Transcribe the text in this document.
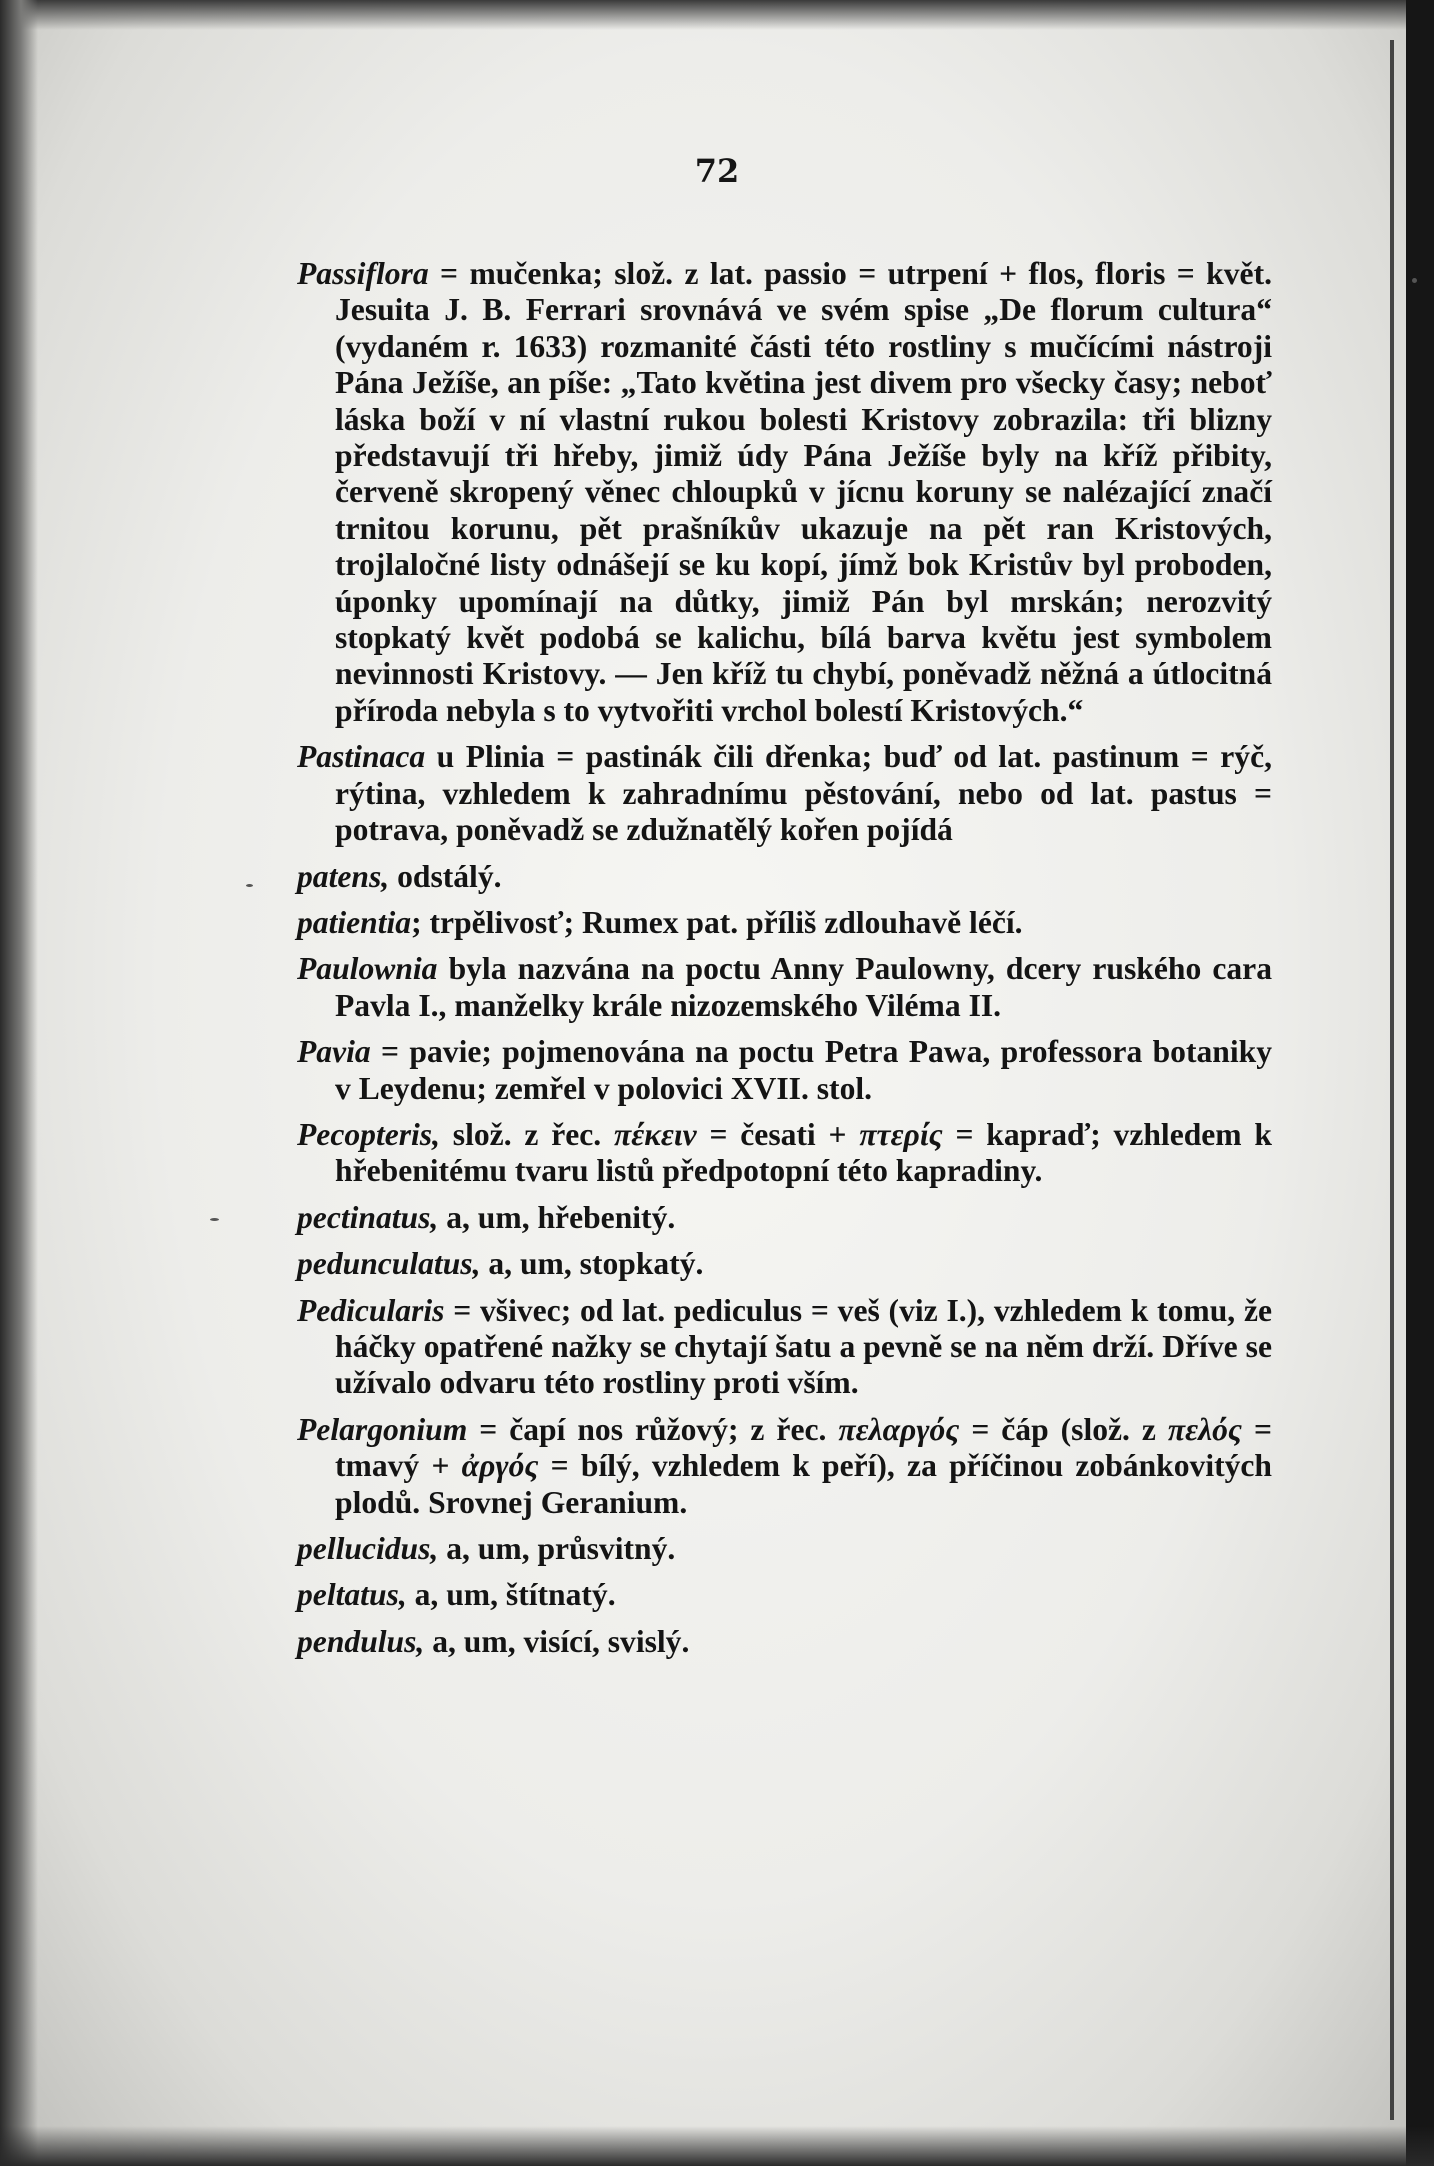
72

Passiflora = mučenka; slož. z lat. passio = utrpení + flos, floris = květ. Jesuita J. B. Ferrari srovnává ve svém spise „De florum cultura“ (vydaném r. 1633) rozmanité části této rostliny s mučícími nástroji Pána Ježíše, an píše: „Tato květina jest divem pro všecky časy; neboť láska boží v ní vlastní rukou bolesti Kristovy zobrazila: tři blizny představují tři hřeby, jimiž údy Pána Ježíše byly na kříž přibity, červeně skropený věnec chloupků v jícnu koruny se nalézající značí trnitou korunu, pět prašníkův ukazuje na pět ran Kristových, trojlaločné listy odnášejí se ku kopí, jímž bok Kristův byl proboden, úponky upomínají na důtky, jimiž Pán byl mrskán; nerozvitý stopkatý květ podobá se kalichu, bílá barva květu jest symbolem nevinnosti Kristovy. — Jen kříž tu chybí, poněvadž něžná a útlocitná příroda nebyla s to vytvořiti vrchol bolestí Kristových.“

Pastinaca u Plinia = pastinák čili dřenka; buď od lat. pastinum = rýč, rýtina, vzhledem k zahradnímu pěstování, nebo od lat. pastus = potrava, poněvadž se zdužnatělý kořen pojídá

patens, odstálý.

patientia; trpělivosť; Rumex pat. příliš zdlouhavě léčí.

Paulownia byla nazvána na poctu Anny Paulowny, dcery ruského cara Pavla I., manželky krále nizozemského Viléma II.

Pavia = pavie; pojmenována na poctu Petra Pawa, professora botaniky v Leydenu; zemřel v polovici XVII. stol.

Pecopteris, slož. z řec. πέκειν = česati + πτερίς = kapraď; vzhledem k hřebenitému tvaru listů předpotopní této kapradiny.

pectinatus, a, um, hřebenitý.

pedunculatus, a, um, stopkatý.

Pedicularis = všivec; od lat. pediculus = veš (viz I.), vzhledem k tomu, že háčky opatřené nažky se chytají šatu a pevně se na něm drží. Dříve se užívalo odvaru této rostliny proti vším.

Pelargonium = čapí nos růžový; z řec. πελαργός = čáp (slož. z πελός = tmavý + ἀργός = bílý, vzhledem k peří), za příčinou zobánkovitých plodů. Srovnej Geranium.

pellucidus, a, um, průsvitný.

peltatus, a, um, štítnatý.

pendulus, a, um, visící, svislý.
